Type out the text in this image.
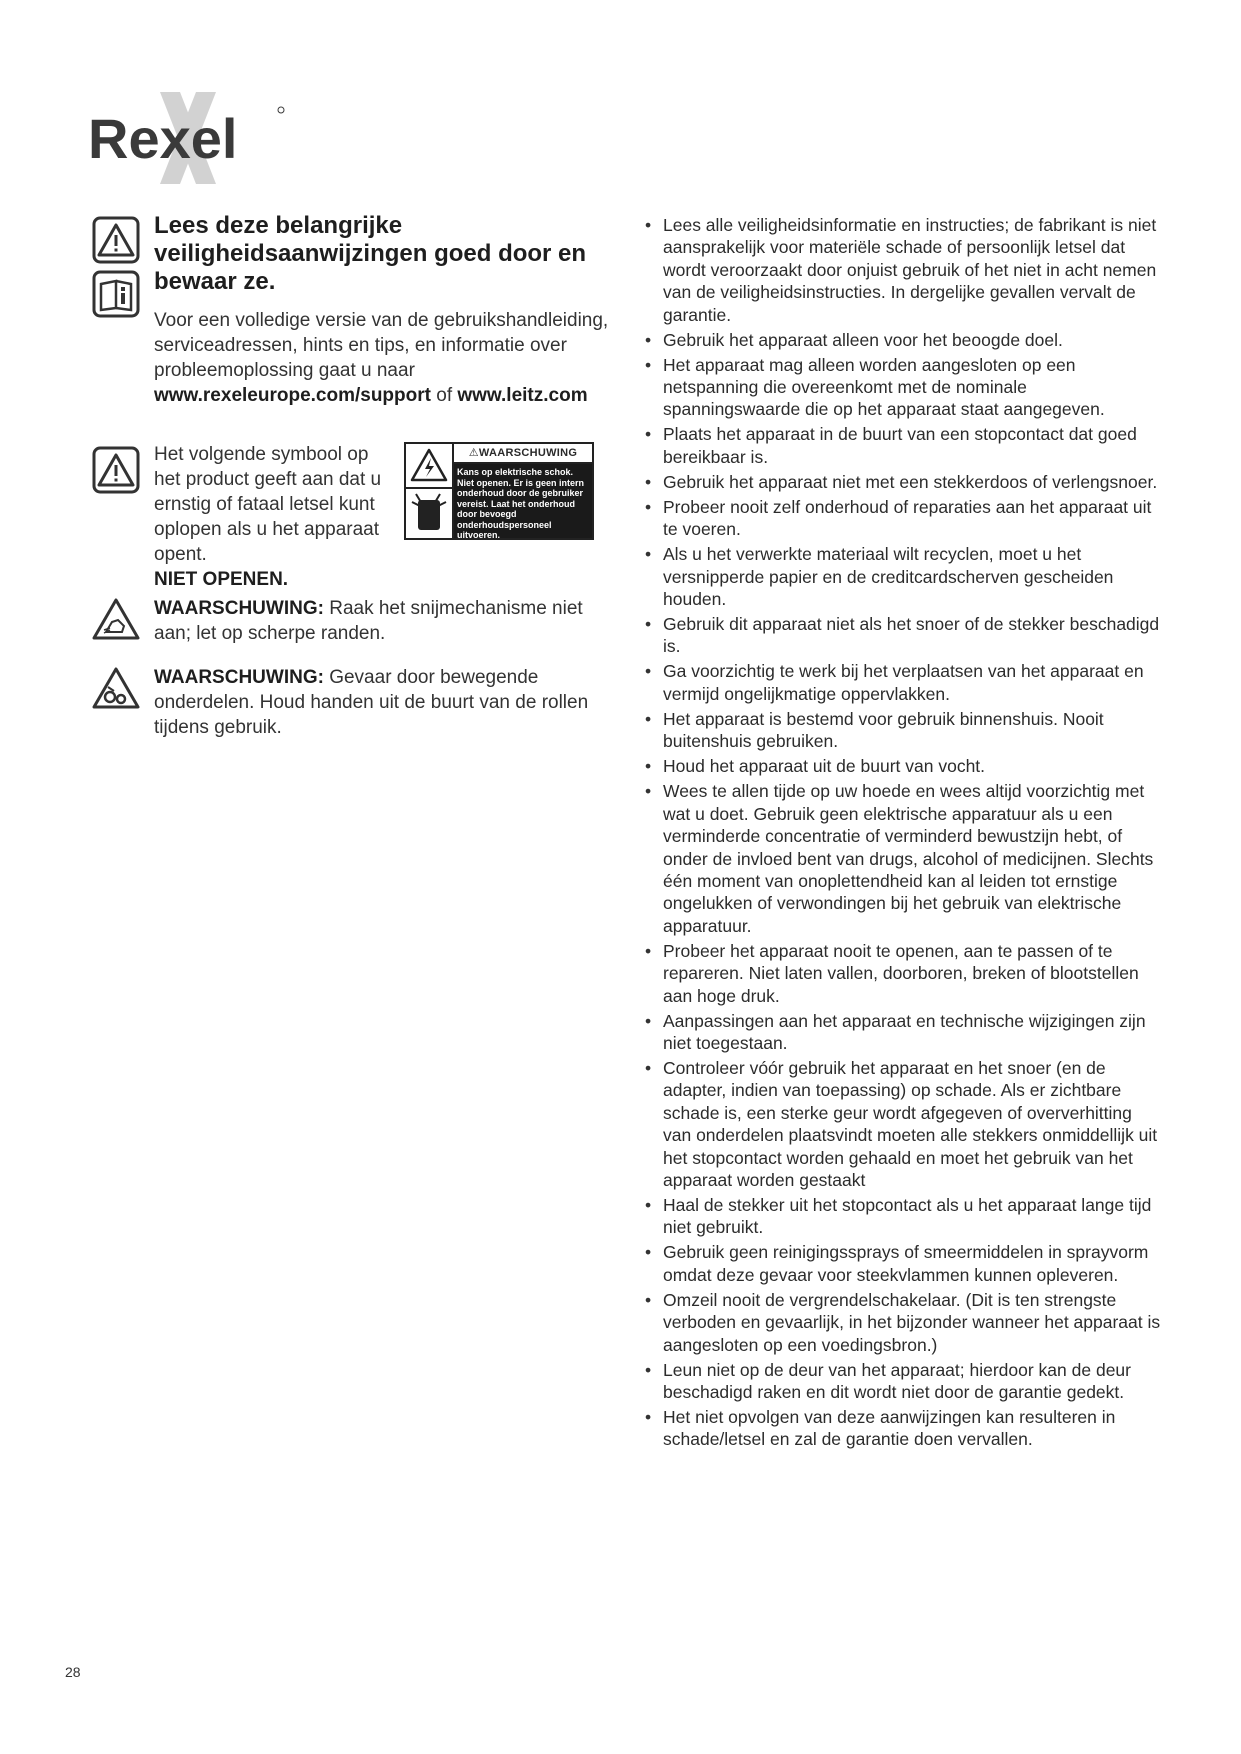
Rexel
Lees deze belangrijke veiligheidsaanwijzingen goed door en bewaar ze.
Voor een volledige versie van de gebruikshandleiding, serviceadressen, hints en tips, en informatie over probleemoplossing gaat u naar www.rexeleurope.com/support of www.leitz.com
Het volgende symbool op het product geeft aan dat u ernstig of fataal letsel kunt oplopen als u het apparaat opent.
NIET OPENEN.
⚠WAARSCHUWING
Kans op elektrische schok. Niet openen. Er is geen intern onderhoud door de gebruiker vereist. Laat het onderhoud door bevoegd onderhoudspersoneel uitvoeren.
WAARSCHUWING: Raak het snijmechanisme niet aan; let op scherpe randen.
WAARSCHUWING: Gevaar door bewegende onderdelen. Houd handen uit de buurt van de rollen tijdens gebruik.
• Lees alle veiligheidsinformatie en instructies; de fabrikant is niet aansprakelijk voor materiële schade of persoonlijk letsel dat wordt veroorzaakt door onjuist gebruik of het niet in acht nemen van de veiligheidsinstructies. In dergelijke gevallen vervalt de garantie.
• Gebruik het apparaat alleen voor het beoogde doel.
• Het apparaat mag alleen worden aangesloten op een netspanning die overeenkomt met de nominale spanningswaarde die op het apparaat staat aangegeven.
• Plaats het apparaat in de buurt van een stopcontact dat goed bereikbaar is.
• Gebruik het apparaat niet met een stekkerdoos of verlengsnoer.
• Probeer nooit zelf onderhoud of reparaties aan het apparaat uit te voeren.
• Als u het verwerkte materiaal wilt recyclen, moet u het versnipperde papier en de creditcardscherven gescheiden houden.
• Gebruik dit apparaat niet als het snoer of de stekker beschadigd is.
• Ga voorzichtig te werk bij het verplaatsen van het apparaat en vermijd ongelijkmatige oppervlakken.
• Het apparaat is bestemd voor gebruik binnenshuis. Nooit buitenshuis gebruiken.
• Houd het apparaat uit de buurt van vocht.
• Wees te allen tijde op uw hoede en wees altijd voorzichtig met wat u doet. Gebruik geen elektrische apparatuur als u een verminderde concentratie of verminderd bewustzijn hebt, of onder de invloed bent van drugs, alcohol of medicijnen. Slechts één moment van onoplettendheid kan al leiden tot ernstige ongelukken of verwondingen bij het gebruik van elektrische apparatuur.
• Probeer het apparaat nooit te openen, aan te passen of te repareren. Niet laten vallen, doorboren, breken of blootstellen aan hoge druk.
• Aanpassingen aan het apparaat en technische wijzigingen zijn niet toegestaan.
• Controleer vóór gebruik het apparaat en het snoer (en de adapter, indien van toepassing) op schade. Als er zichtbare schade is, een sterke geur wordt afgegeven of oververhitting van onderdelen plaatsvindt moeten alle stekkers onmiddellijk uit het stopcontact worden gehaald en moet het gebruik van het apparaat worden gestaakt
• Haal de stekker uit het stopcontact als u het apparaat lange tijd niet gebruikt.
• Gebruik geen reinigingssprays of smeermiddelen in sprayvorm omdat deze gevaar voor steekvlammen kunnen opleveren.
• Omzeil nooit de vergrendelschakelaar. (Dit is ten strengste verboden en gevaarlijk, in het bijzonder wanneer het apparaat is aangesloten op een voedingsbron.)
• Leun niet op de deur van het apparaat; hierdoor kan de deur beschadigd raken en dit wordt niet door de garantie gedekt.
• Het niet opvolgen van deze aanwijzingen kan resulteren in schade/letsel en zal de garantie doen vervallen.
28
